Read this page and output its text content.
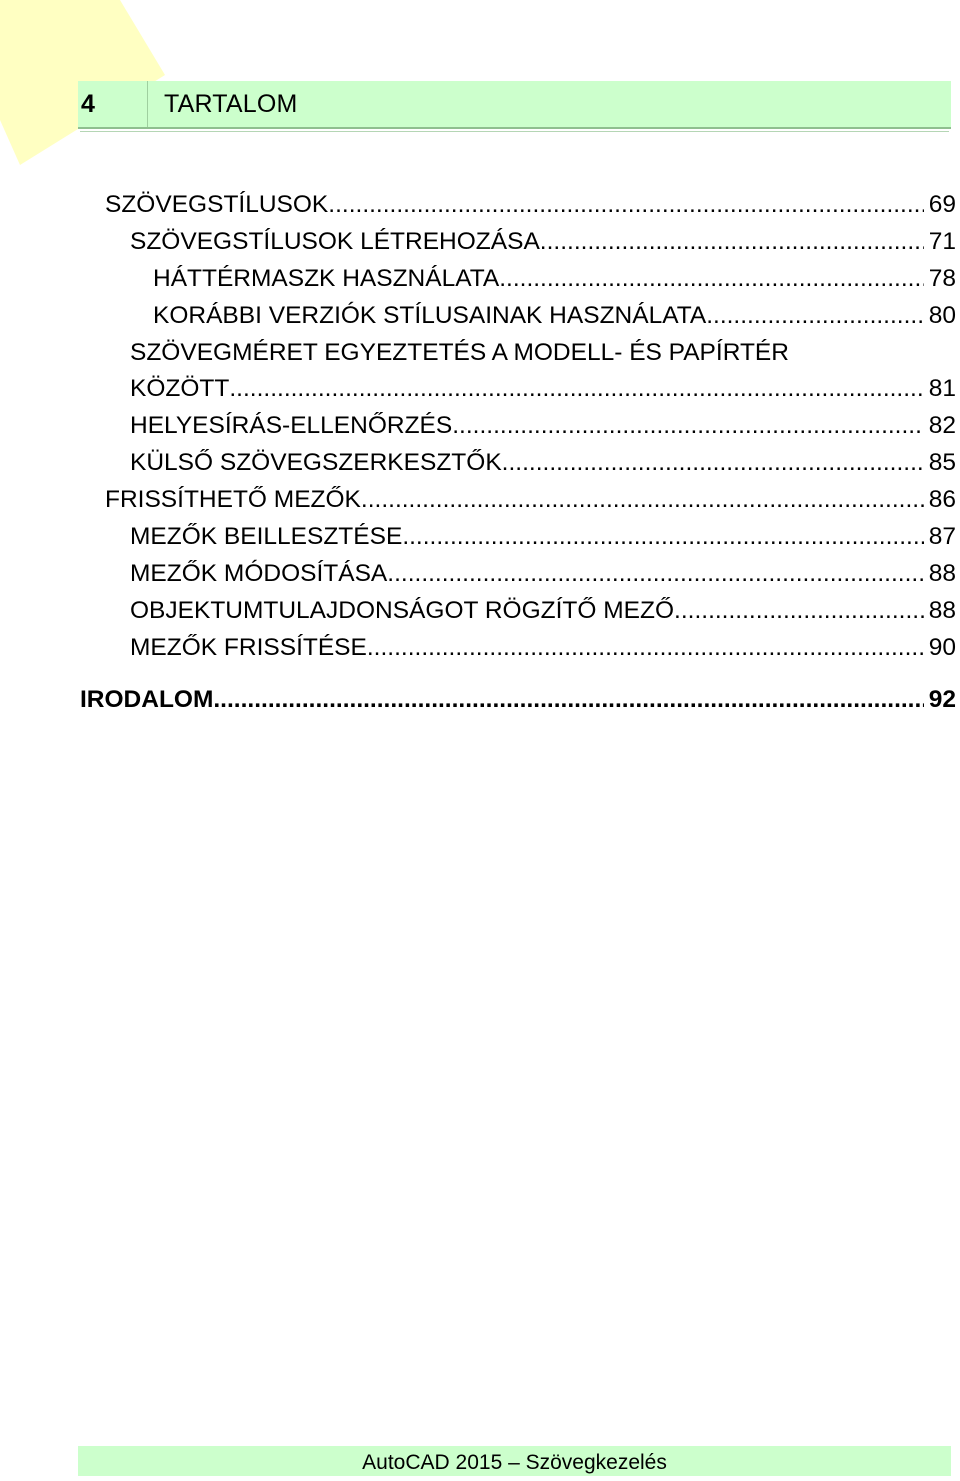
4	TARTALOM
SZÖVEGSTÍLUSOK .....	69
SZÖVEGSTÍLUSOK LÉTREHOZÁSA .....	71
HÁTTÉRMASZK HASZNÁLATA .....	78
KORÁBBI VERZIÓK STÍLUSAINAK HASZNÁLATA .....	80
SZÖVEGMÉRET EGYEZTETÉS A MODELL- ÉS PAPÍRTÉR
KÖZÖTT .....	81
HELYESÍRÁS-ELLENŐRZÉS .....	82
KÜLSŐ SZÖVEGSZERKESZTŐK .....	85
FRISSÍTHETŐ MEZŐK .....	86
MEZŐK BEILLESZTÉSE .....	87
MEZŐK MÓDOSÍTÁSA .....	88
OBJEKTUMTULAJDONSÁGOT RÖGZÍTŐ MEZŐ .....	88
MEZŐK FRISSÍTÉSE .....	90
IRODALOM .....	92
AutoCAD 2015 – Szövegkezelés
